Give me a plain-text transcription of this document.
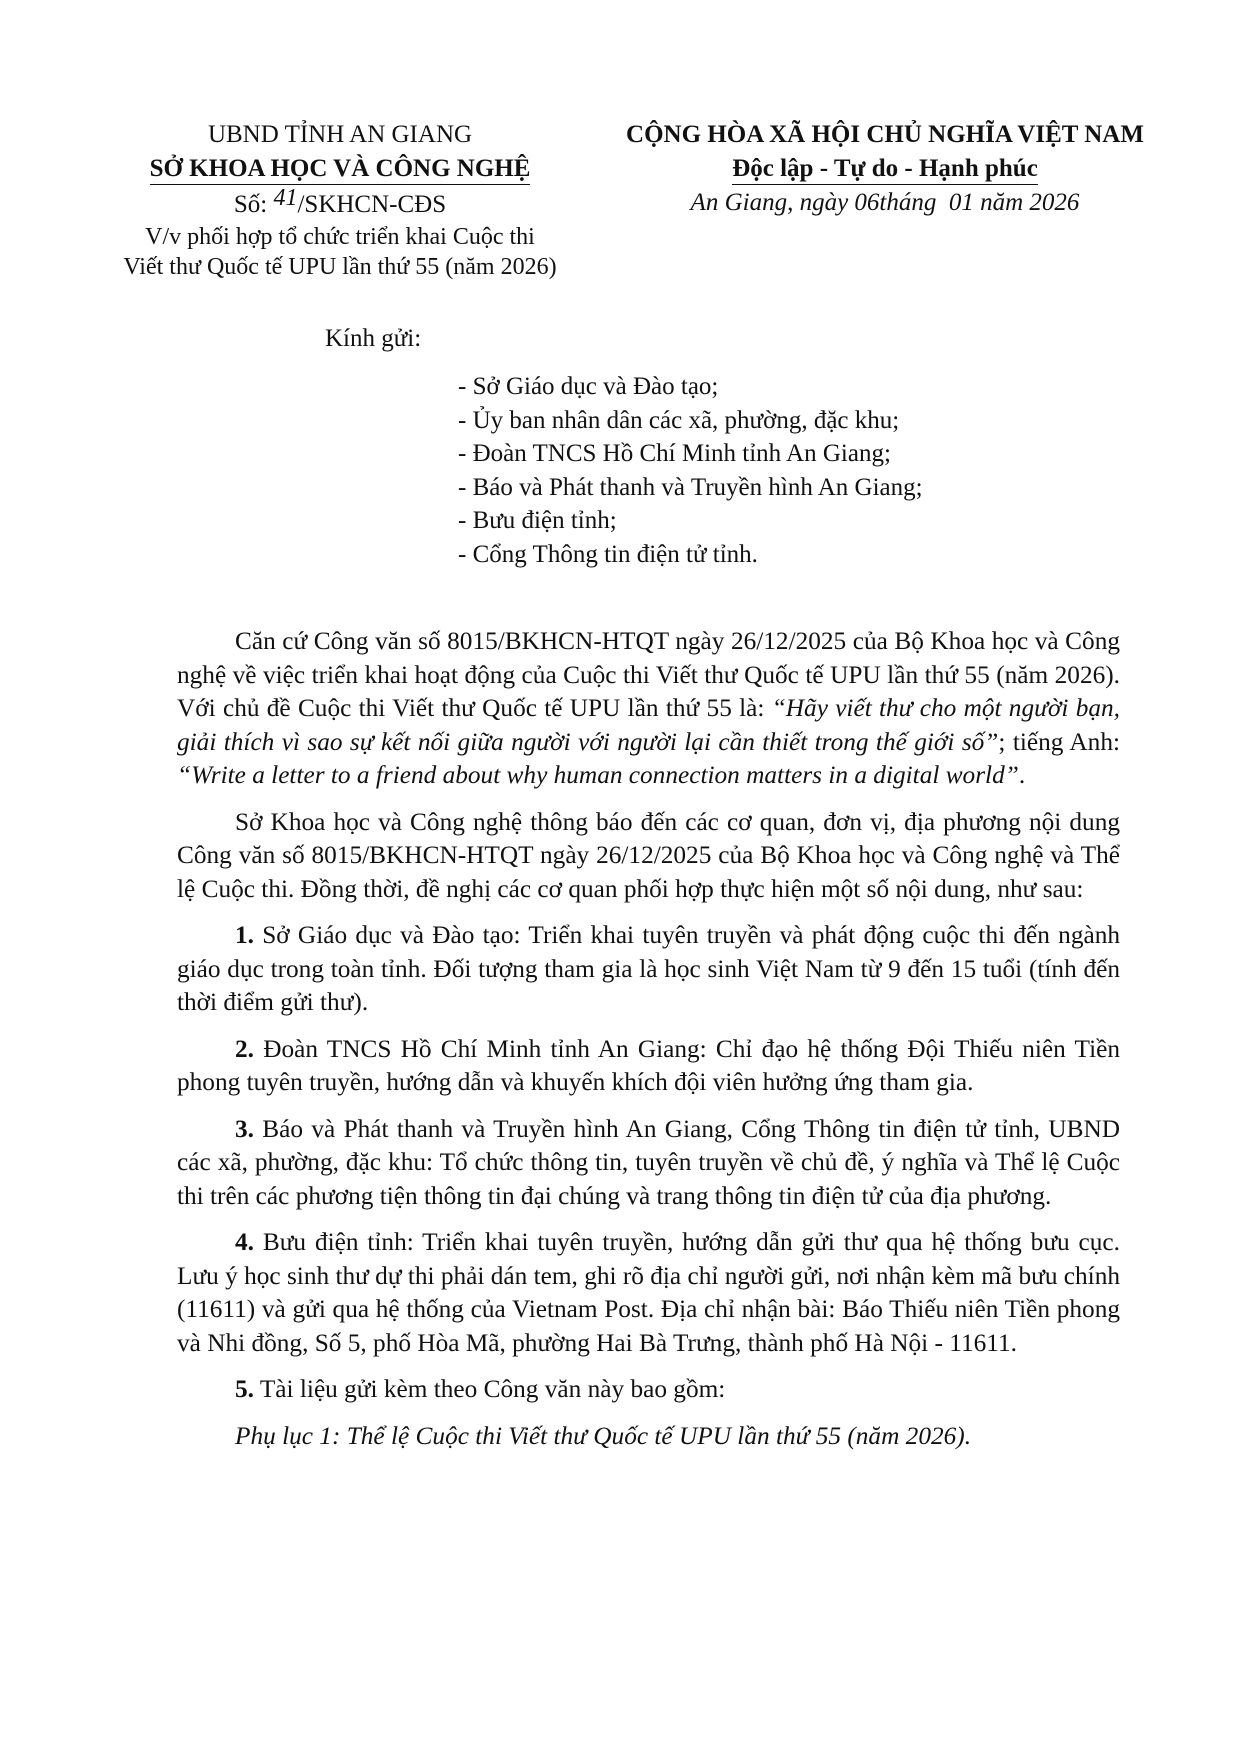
UBND TỈNH AN GIANG
SỞ KHOA HỌC VÀ CÔNG NGHỆ
Số: 41/SKHCN-CĐS
V/v phối hợp tổ chức triển khai Cuộc thi
Viết thư Quốc tế UPU lần thứ 55 (năm 2026)
CỘNG HÒA XÃ HỘI CHỦ NGHĨA VIỆT NAM
Độc lập - Tự do - Hạnh phúc
An Giang, ngày 06tháng 01 năm 2026
Kính gửi:
- Sở Giáo dục và Đào tạo;
- Ủy ban nhân dân các xã, phường, đặc khu;
- Đoàn TNCS Hồ Chí Minh tỉnh An Giang;
- Báo và Phát thanh và Truyền hình An Giang;
- Bưu điện tỉnh;
- Cổng Thông tin điện tử tỉnh.

Căn cứ Công văn số 8015/BKHCN-HTQT ngày 26/12/2025 của Bộ Khoa học và Công nghệ về việc triển khai hoạt động của Cuộc thi Viết thư Quốc tế UPU lần thứ 55 (năm 2026). Với chủ đề Cuộc thi Viết thư Quốc tế UPU lần thứ 55 là: “Hãy viết thư cho một người bạn, giải thích vì sao sự kết nối giữa người với người lại cần thiết trong thế giới số”; tiếng Anh: “Write a letter to a friend about why human connection matters in a digital world”.

Sở Khoa học và Công nghệ thông báo đến các cơ quan, đơn vị, địa phương nội dung Công văn số 8015/BKHCN-HTQT ngày 26/12/2025 của Bộ Khoa học và Công nghệ và Thể lệ Cuộc thi. Đồng thời, đề nghị các cơ quan phối hợp thực hiện một số nội dung, như sau:

1. Sở Giáo dục và Đào tạo: Triển khai tuyên truyền và phát động cuộc thi đến ngành giáo dục trong toàn tỉnh. Đối tượng tham gia là học sinh Việt Nam từ 9 đến 15 tuổi (tính đến thời điểm gửi thư).

2. Đoàn TNCS Hồ Chí Minh tỉnh An Giang: Chỉ đạo hệ thống Đội Thiếu niên Tiền phong tuyên truyền, hướng dẫn và khuyến khích đội viên hưởng ứng tham gia.

3. Báo và Phát thanh và Truyền hình An Giang, Cổng Thông tin điện tử tỉnh, UBND các xã, phường, đặc khu: Tổ chức thông tin, tuyên truyền về chủ đề, ý nghĩa và Thể lệ Cuộc thi trên các phương tiện thông tin đại chúng và trang thông tin điện tử của địa phương.

4. Bưu điện tỉnh: Triển khai tuyên truyền, hướng dẫn gửi thư qua hệ thống bưu cục. Lưu ý học sinh thư dự thi phải dán tem, ghi rõ địa chỉ người gửi, nơi nhận kèm mã bưu chính (11611) và gửi qua hệ thống của Vietnam Post. Địa chỉ nhận bài: Báo Thiếu niên Tiền phong và Nhi đồng, Số 5, phố Hòa Mã, phường Hai Bà Trưng, thành phố Hà Nội - 11611.

5. Tài liệu gửi kèm theo Công văn này bao gồm:

Phụ lục 1: Thể lệ Cuộc thi Viết thư Quốc tế UPU lần thứ 55 (năm 2026).
